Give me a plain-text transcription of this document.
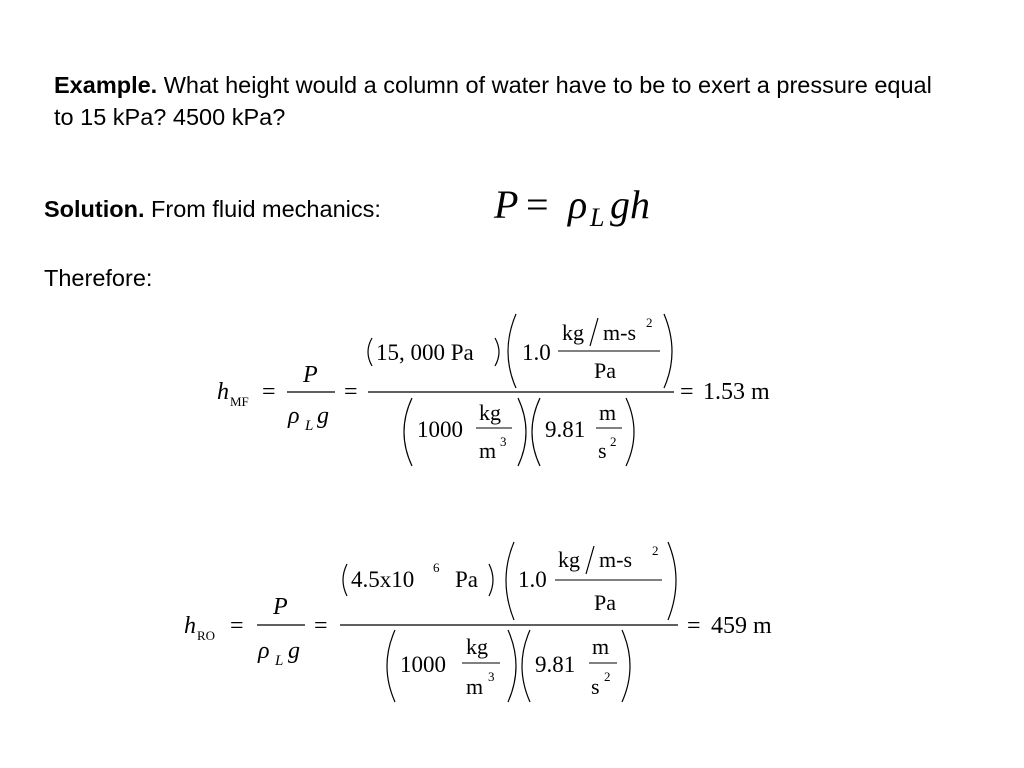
Example. What height would a column of water have to be to exert a pressure equal to 15 kPa? 4500 kPa?
Solution. From fluid mechanics:	P = ρ L gh
Therefore:
h MF =
P
ρ L g
=
15, 000 Pa 1.0
kg m-s 2
Pa
1000
kg
m 3 9.81
m
s 2
= 1.53 m
h RO =
P
ρ L g
=
4.5x10 6 Pa 1.0
kg m-s 2
Pa
1000
kg
m 3 9.81
m
s 2
= 459 m
